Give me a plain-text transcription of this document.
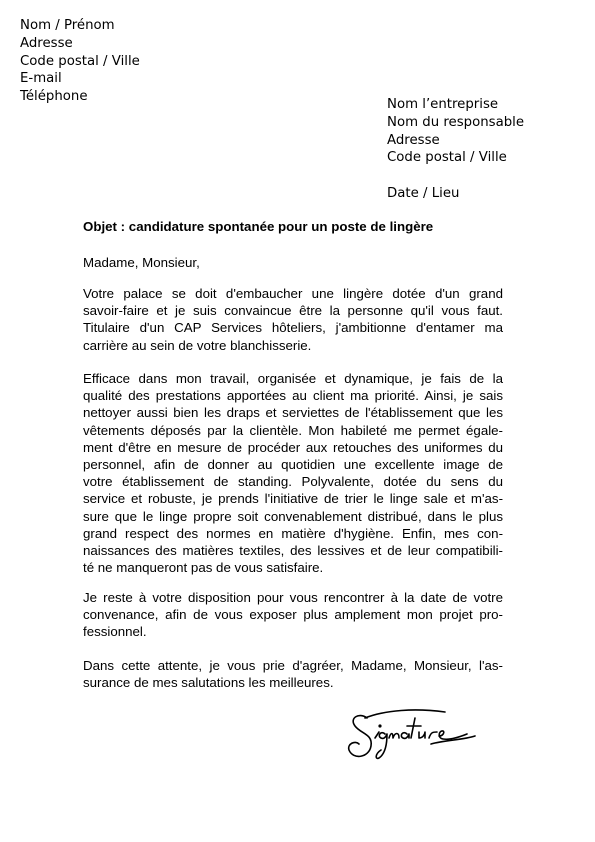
Nom / Prénom
Adresse
Code postal / Ville
E-mail
Téléphone
Nom l’entreprise
Nom du responsable
Adresse
Code postal / Ville
Date / Lieu
Objet : candidature spontanée pour un poste de lingère
Madame, Monsieur,
Votre palace se doit d'embaucher une lingère dotée d'un grand
savoir-faire et je suis convaincue être la personne qu'il vous faut.
Titulaire d'un CAP Services hôteliers, j'ambitionne d'entamer ma
carrière au sein de votre blanchisserie.
Efficace dans mon travail, organisée et dynamique, je fais de la
qualité des prestations apportées au client ma priorité. Ainsi, je sais
nettoyer aussi bien les draps et serviettes de l'établissement que les
vêtements déposés par la clientèle. Mon habileté me permet égale-
ment d'être en mesure de procéder aux retouches des uniformes du
personnel, afin de donner au quotidien une excellente image de
votre établissement de standing. Polyvalente, dotée du sens du
service et robuste, je prends l'initiative de trier le linge sale et m'as-
sure que le linge propre soit convenablement distribué, dans le plus
grand respect des normes en matière d'hygiène. Enfin, mes con-
naissances des matières textiles, des lessives et de leur compatibili-
té ne manqueront pas de vous satisfaire.
Je reste à votre disposition pour vous rencontrer à la date de votre
convenance, afin de vous exposer plus amplement mon projet pro-
fessionnel.
Dans cette attente, je vous prie d'agréer, Madame, Monsieur, l'as-
surance de mes salutations les meilleures.
